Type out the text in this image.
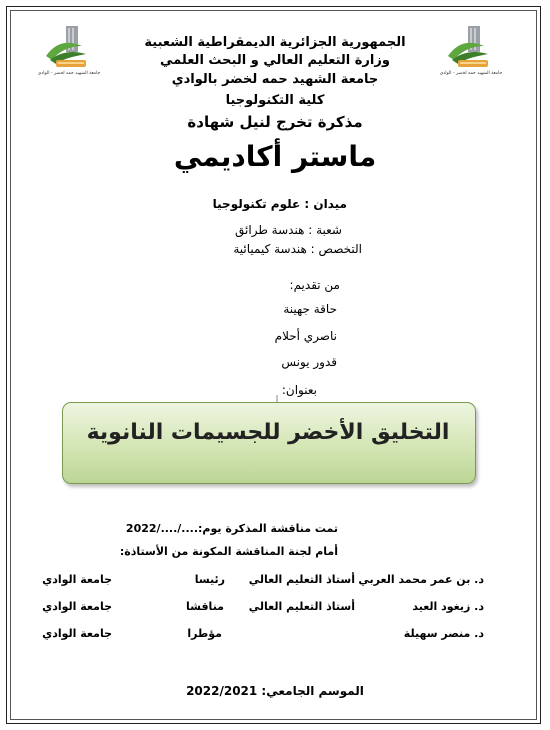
جامعة الشهيد حمه لخضر - الوادي	جامعة الشهيد حمه لخضر - الوادي
الجمهورية الجزائرية الديمقراطية الشعبية
وزارة التعليم العالي و البحث العلمي
جامعة الشهيد حمه لخضر بالوادي
كلية التكنولوجيا
مذكرة تخرج لنيل شهادة
ماستر أكاديمي
ميدان : علوم تكنولوجيا
شعبة : هندسة طرائق
التخصص : هندسة كيميائية
من تقديم:
حاقة جهينة
ناصري أحلام
قدور يونس
بعنوان:
التخليق الأخضر للجسيمات النانوية
تمت مناقشة المذكرة يوم:..../..../2022
أمام لجنة المناقشة المكونة من الأستاذة:
د. بن عمر محمد العربي
أستاذ التعليم العالي
رئيسا
جامعة الوادي
د. زيغود العيد
أستاذ التعليم العالي
مناقشا
جامعة الوادي
د. منصر سهيلة
مؤطرا
جامعة الوادي
الموسم الجامعي: 2022/2021
